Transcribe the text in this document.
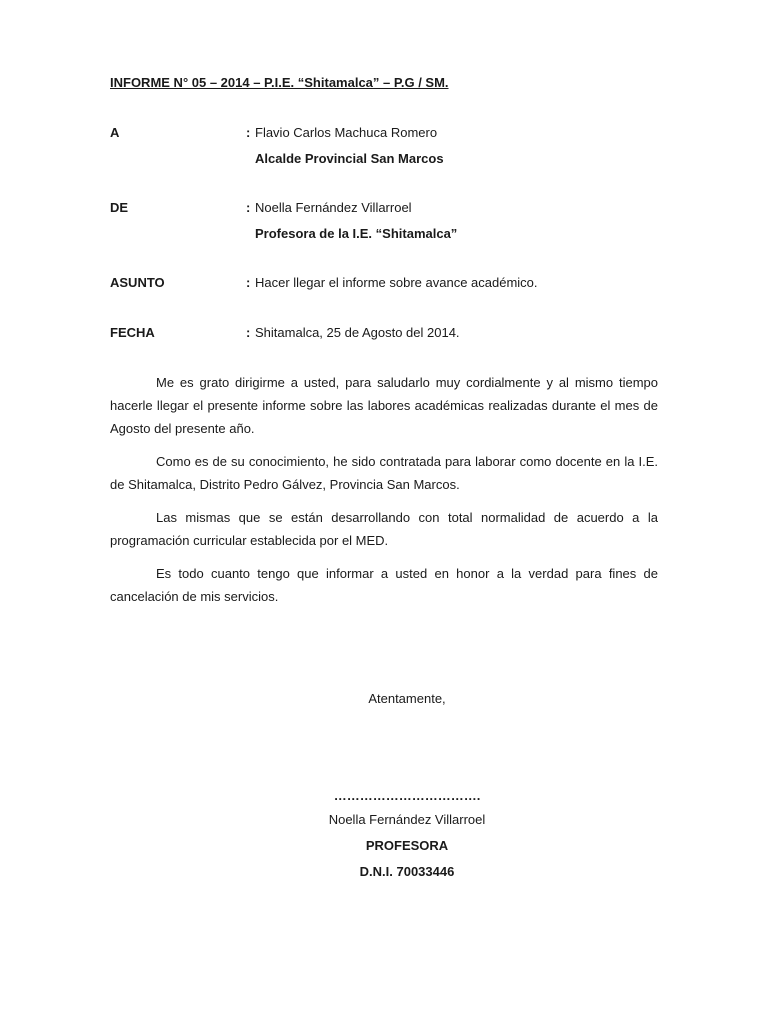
INFORME N° 05 – 2014 – P.I.E. “Shitamalca” – P.G / SM.

A	: Flavio Carlos Machuca Romero
Alcalde Provincial San Marcos
DE	: Noella Fernández Villarroel
Profesora de la I.E. “Shitamalca”
ASUNTO	: Hacer llegar el informe sobre avance académico.
FECHA	: Shitamalca, 25 de Agosto del 2014.

Me es grato dirigirme a usted, para saludarlo muy cordialmente y al mismo tiempo hacerle llegar el presente informe sobre las labores académicas realizadas durante el mes de Agosto del presente año.

Como es de su conocimiento, he sido contratada para laborar como docente en la I.E. de Shitamalca, Distrito Pedro Gálvez, Provincia San Marcos.

Las mismas que se están desarrollando con total normalidad de acuerdo a la programación curricular establecida por el MED.

Es todo cuanto tengo que informar a usted en honor a la verdad para fines de cancelación de mis servicios.

Atentamente,
…………………………….
Noella Fernández Villarroel
PROFESORA
D.N.I. 70033446
